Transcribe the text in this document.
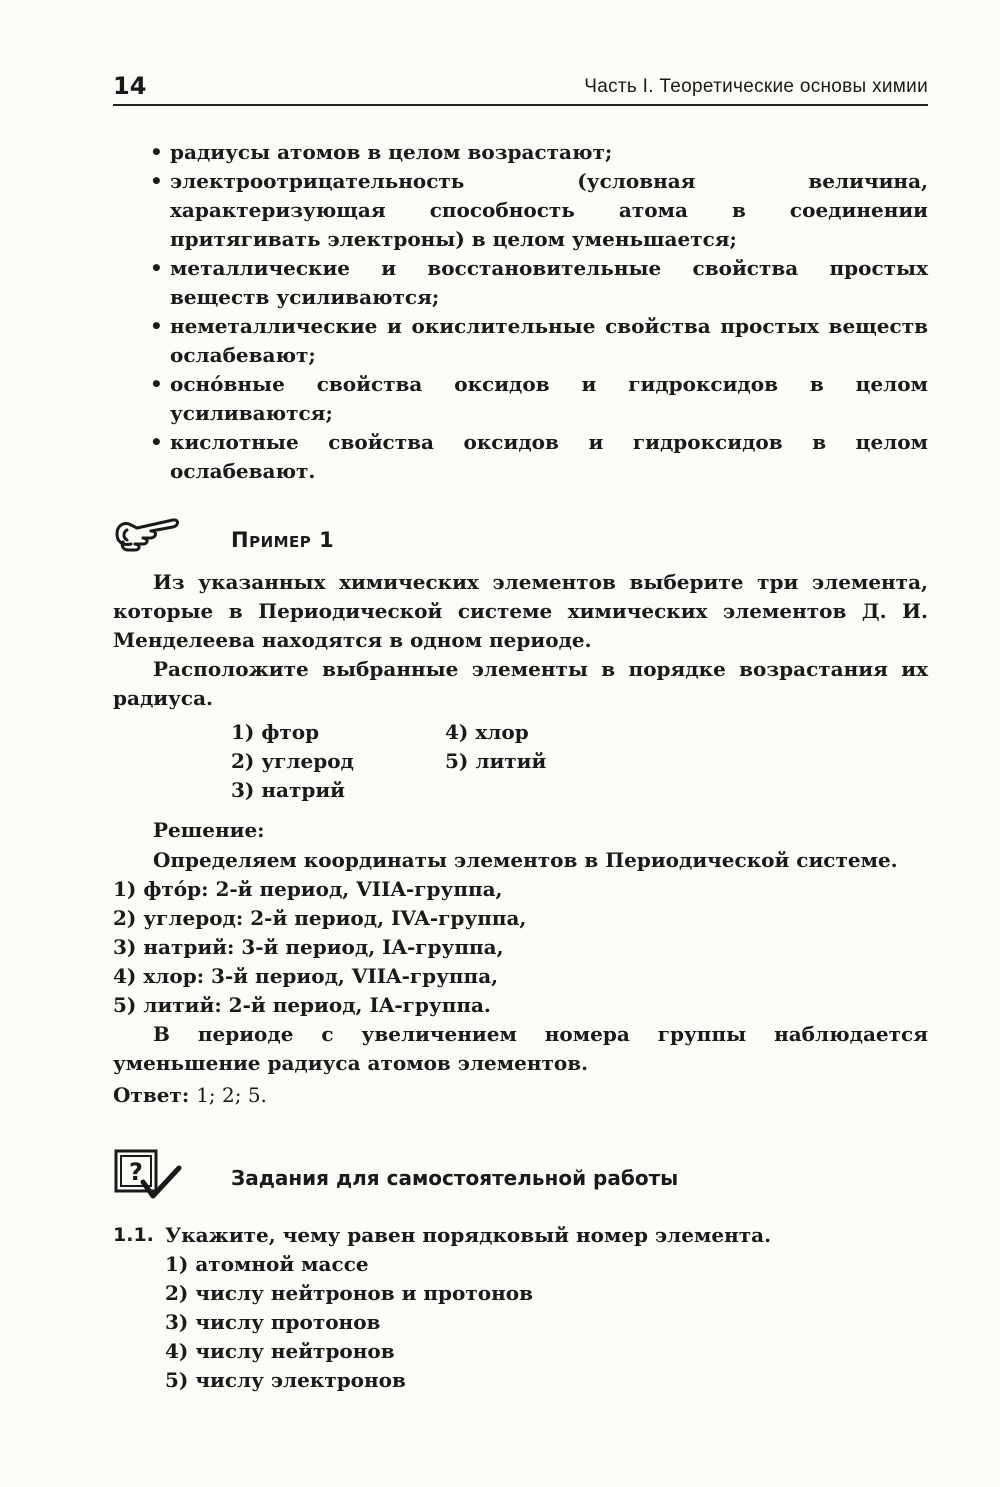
14	Часть I. Теоретические основы химии
• радиусы атомов в целом возрастают;
• электроотрицательность (условная величина, характеризующая способность атома в соединении притягивать электроны) в целом уменьшается;
• металлические и восстановительные свойства простых веществ усиливаются;
• неметаллические и окислительные свойства простых веществ ослабевают;
• оснóвные свойства оксидов и гидроксидов в целом усиливаются;
• кислотные свойства оксидов и гидроксидов в целом ослабевают.
Пример 1
Из указанных химических элементов выберите три элемента, которые в Периодической системе химических элементов Д. И. Менделеева находятся в одном периоде.
Расположите выбранные элементы в порядке возрастания их радиуса.
1) фтор
2) углерод
3) натрий
4) хлор
5) литий
Решение:
Определяем координаты элементов в Периодической системе.
1) фтóр: 2-й период, VIIA-группа,
2) углерод: 2-й период, IVA-группа,
3) натрий: 3-й период, IA-группа,
4) хлор: 3-й период, VIIA-группа,
5) литий: 2-й период, IA-группа.
В периоде с увеличением номера группы наблюдается уменьшение радиуса атомов элементов.
Ответ: 1; 2; 5.
?	Задания для самостоятельной работы
1.1. Укажите, чему равен порядковый номер элемента.
1) атомной массе
2) числу нейтронов и протонов
3) числу протонов
4) числу нейтронов
5) числу электронов
